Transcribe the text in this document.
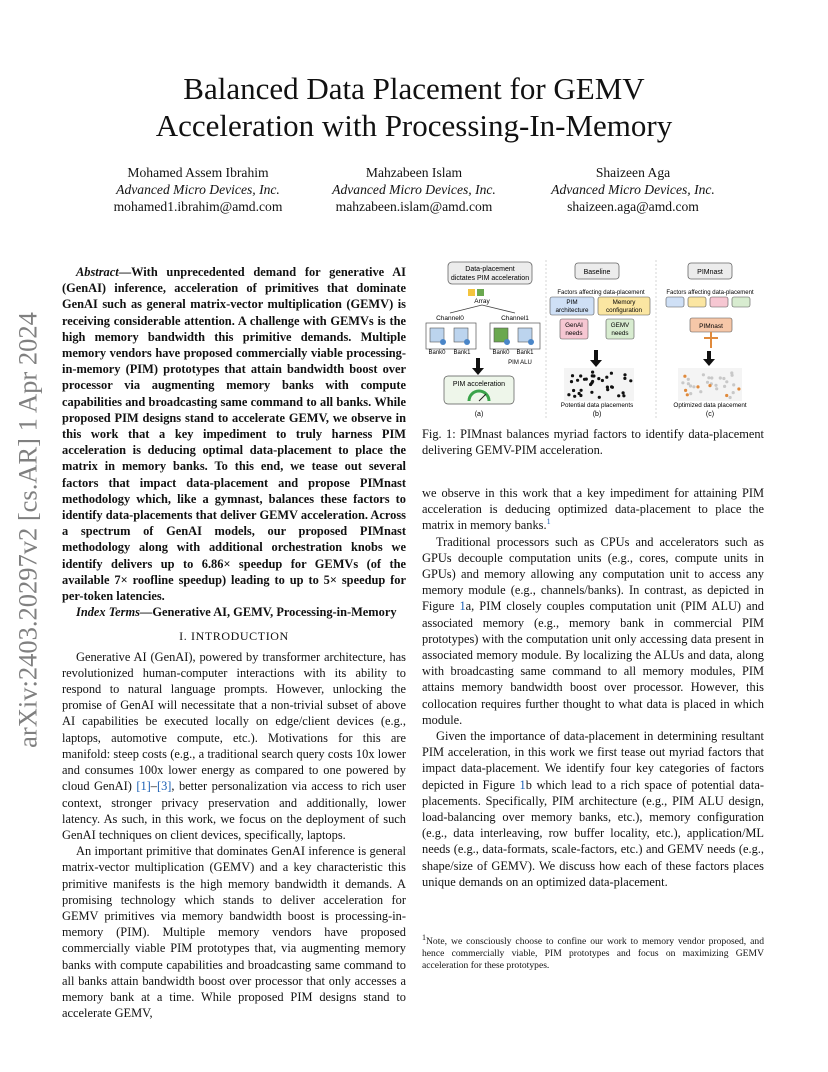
Balanced Data Placement for GEMV
Acceleration with Processing-In-Memory
Mohamed Assem Ibrahim
Advanced Micro Devices, Inc.
mohamed1.ibrahim@amd.com
Mahzabeen Islam
Advanced Micro Devices, Inc.
mahzabeen.islam@amd.com
Shaizeen Aga
Advanced Micro Devices, Inc.
shaizeen.aga@amd.com
arXiv:2403.20297v2 [cs.AR] 1 Apr 2024

Abstract—With unprecedented demand for generative AI (GenAI) inference, acceleration of primitives that dominate GenAI such as general matrix-vector multiplication (GEMV) is receiving considerable attention. A challenge with GEMVs is the high memory bandwidth this primitive demands. Multiple memory vendors have proposed commercially viable processing-in-memory (PIM) prototypes that attain bandwidth boost over processor via augmenting memory banks with compute capabilities and broadcasting same command to all banks. While proposed PIM designs stand to accelerate GEMV, we observe in this work that a key impediment to truly harness PIM acceleration is deducing optimal data-placement to place the matrix in memory banks. To this end, we tease out several factors that impact data-placement and propose PIMnast methodology which, like a gymnast, balances these factors to identify data-placements that deliver GEMV acceleration. Across a spectrum of GenAI models, our proposed PIMnast methodology along with additional orchestration knobs we identify delivers up to 6.86× speedup for GEMVs (of the available 7× roofline speedup) leading to up to 5× speedup for per-token latencies.

Index Terms—Generative AI, GEMV, Processing-in-Memory

I. INTRODUCTION

Generative AI (GenAI), powered by transformer architecture, has revolutionized human-computer interactions with its ability to respond to natural language prompts. However, unlocking the promise of GenAI will necessitate that a non-trivial subset of above AI capabilities be executed locally on edge/client devices (e.g., laptops, automotive compute, etc.). Motivations for this are manifold: steep costs (e.g., a traditional search query costs 10x lower and consumes 100x lower energy as compared to one powered by cloud GenAI) [1]–[3], better personalization via access to rich user context, stronger privacy preservation and additionally, lower latency. As such, in this work, we focus on the deployment of such GenAI techniques on client devices, specifically, laptops.

An important primitive that dominates GenAI inference is general matrix-vector multiplication (GEMV) and a key characteristic this primitive manifests is the high memory bandwidth it demands. A promising technology which stands to deliver acceleration for GEMV primitives via memory bandwidth boost is processing-in-memory (PIM). Multiple memory vendors have proposed commercially viable PIM prototypes that, via augmenting memory banks with compute capabilities and broadcasting same command to all banks attain bandwidth boost over processor that only accesses a memory bank at a time. While proposed PIM designs stand to accelerate GEMV,

Data-placement
dictates PIM acceleration
Array
Channel0	Channel1
Bank0 Bank1	Bank0 Bank1
PIM ALU
PIM acceleration
(a)
Baseline
Factors affecting data-placement
PIM
architecture
Memory
configuration
GenAI
needs
GEMV
needs
Potential data placements
(b)
PIMnast
Factors affecting data-placement
PIMnast
Optimized data placement
(c)
Fig. 1: PIMnast balances myriad factors to identify data-placement delivering GEMV-PIM acceleration.

we observe in this work that a key impediment for attaining PIM acceleration is deducing optimized data-placement to place the matrix in memory banks.$^1$

Traditional processors such as CPUs and accelerators such as GPUs decouple computation units (e.g., cores, compute units in GPUs) and memory allowing any computation unit to access any memory module (e.g., channels/banks). In contrast, as depicted in Figure 1a, PIM closely couples computation unit (PIM ALU) and associated memory (e.g., memory bank in commercial PIM prototypes) with the computation unit only accessing data present in associated memory module. By localizing the ALUs and data, along with broadcasting same command to all memory modules, PIM attains memory bandwidth boost over processor. However, this collocation requires further thought to what data is placed in which module.

Given the importance of data-placement in determining resultant PIM acceleration, in this work we first tease out myriad factors that impact data-placement. We identify four key categories of factors depicted in Figure 1b which lead to a rich space of potential data-placements. Specifically, PIM architecture (e.g., PIM ALU design, load-balancing over memory banks, etc.), memory configuration (e.g., data interleaving, row buffer locality, etc.), application/ML needs (e.g., data-formats, scale-factors, etc.) and GEMV needs (e.g., shape/size of GEMV). We discuss how each of these factors places unique demands on an optimized data-placement.

$^1$Note, we consciously choose to confine our work to memory vendor proposed, and hence commercially viable, PIM prototypes and focus on maximizing GEMV acceleration for these prototypes.
